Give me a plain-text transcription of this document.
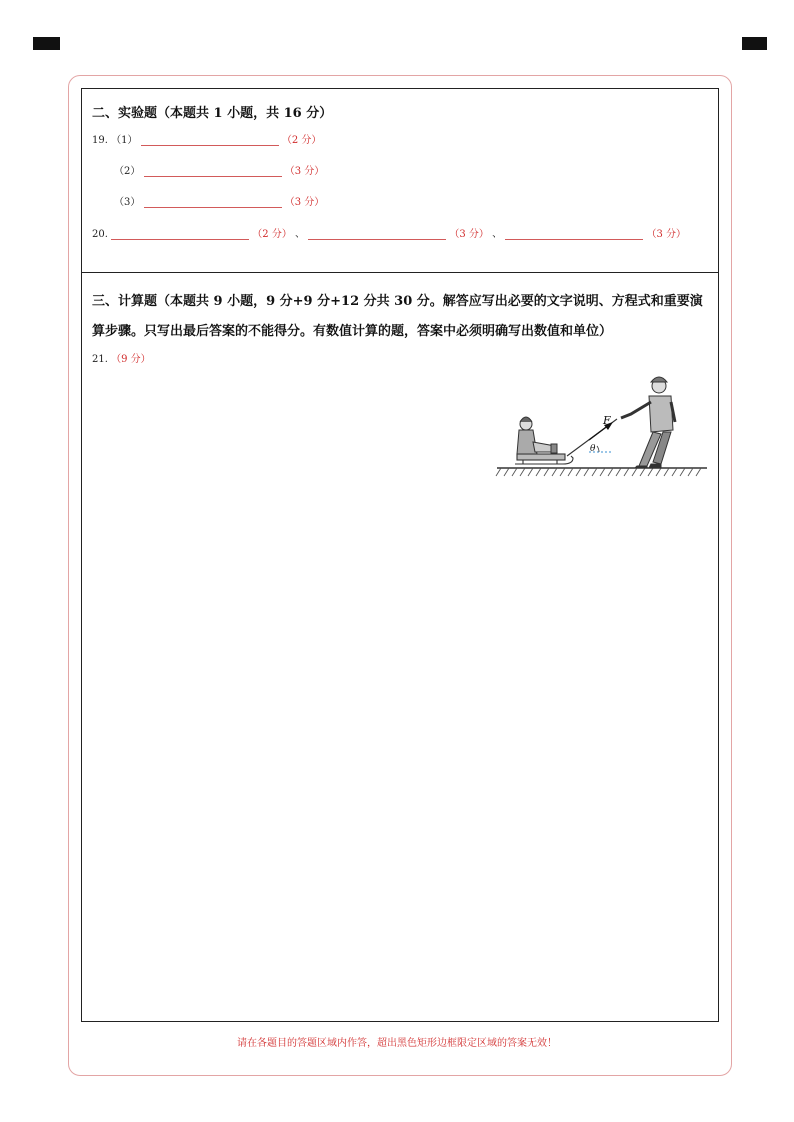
二、实验题（本题共 1 小题，共 16 分）
19. （1）	（2 分）
（2）	（3 分）
（3）	（3 分）
20.	（2 分） 、	（3 分） 、	（3 分）
三、计算题（本题共 9 小题，9 分+9 分+12 分共 30 分。解答应写出必要的文字说明、方程式和重要演
算步骤。只写出最后答案的不能得分。有数值计算的题，答案中必须明确写出数值和单位）
21. （9 分）
F
θ
请在各题目的答题区域内作答，超出黑色矩形边框限定区域的答案无效！
